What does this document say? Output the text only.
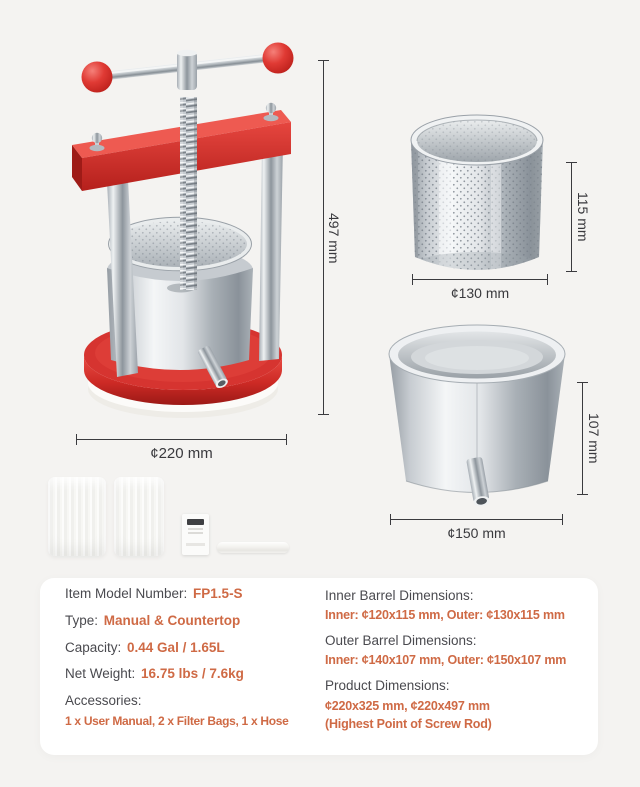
497 mm
¢220 mm
115 mm
¢130 mm
107 mm
¢150 mm

Item Model Number: FP1.5-S

Type: Manual & Countertop

Capacity: 0.44 Gal / 1.65L

Net Weight: 16.75 lbs / 7.6kg

Accessories:

1 x User Manual, 2 x Filter Bags, 1 x Hose

Inner Barrel Dimensions:

Inner: ¢120x115 mm, Outer: ¢130x115 mm

Outer Barrel Dimensions:

Inner: ¢140x107 mm, Outer: ¢150x107 mm

Product Dimensions:

¢220x325 mm, ¢220x497 mm

(Highest Point of Screw Rod)
